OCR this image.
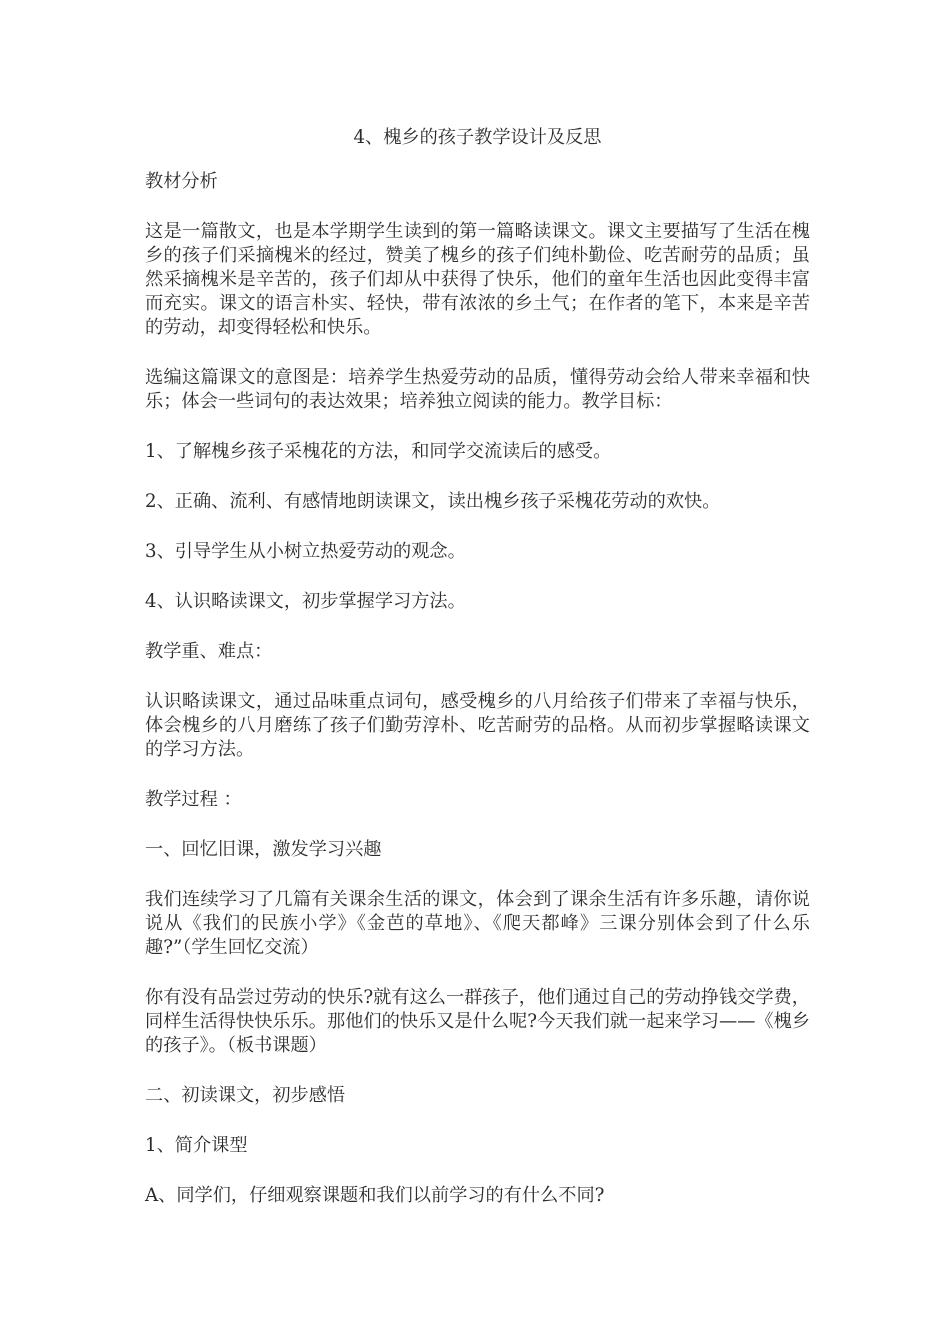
4、槐乡的孩子教学设计及反思
教材分析
这是一篇散文，也是本学期学生读到的第一篇略读课文。课文主要描写了生活在槐乡的孩子们采摘槐米的经过，赞美了槐乡的孩子们纯朴勤俭、吃苦耐劳的品质；虽然采摘槐米是辛苦的，孩子们却从中获得了快乐，他们的童年生活也因此变得丰富而充实。课文的语言朴实、轻快，带有浓浓的乡土气；在作者的笔下，本来是辛苦的劳动，却变得轻松和快乐。
选编这篇课文的意图是：培养学生热爱劳动的品质，懂得劳动会给人带来幸福和快乐；体会一些词句的表达效果；培养独立阅读的能力。教学目标：
1、了解槐乡孩子采槐花的方法，和同学交流读后的感受。
2、正确、流利、有感情地朗读课文，读出槐乡孩子采槐花劳动的欢快。
3、引导学生从小树立热爱劳动的观念。
4、认识略读课文，初步掌握学习方法。
教学重、难点：
认识略读课文，通过品味重点词句，感受槐乡的八月给孩子们带来了幸福与快乐，体会槐乡的八月磨练了孩子们勤劳淳朴、吃苦耐劳的品格。从而初步掌握略读课文的学习方法。
教学过程 ：
一、回忆旧课，激发学习兴趣
我们连续学习了几篇有关课余生活的课文，体会到了课余生活有许多乐趣，请你说说从《我们的民族小学》《金芭的草地》、《爬天都峰》三课分别体会到了什么乐趣?”（学生回忆交流）
你有没有品尝过劳动的快乐?就有这么一群孩子，他们通过自己的劳动挣钱交学费，同样生活得快快乐乐。那他们的快乐又是什么呢?今天我们就一起来学习——《槐乡的孩子》。（板书课题）
二、初读课文，初步感悟
1、简介课型
A、同学们，仔细观察课题和我们以前学习的有什么不同?
